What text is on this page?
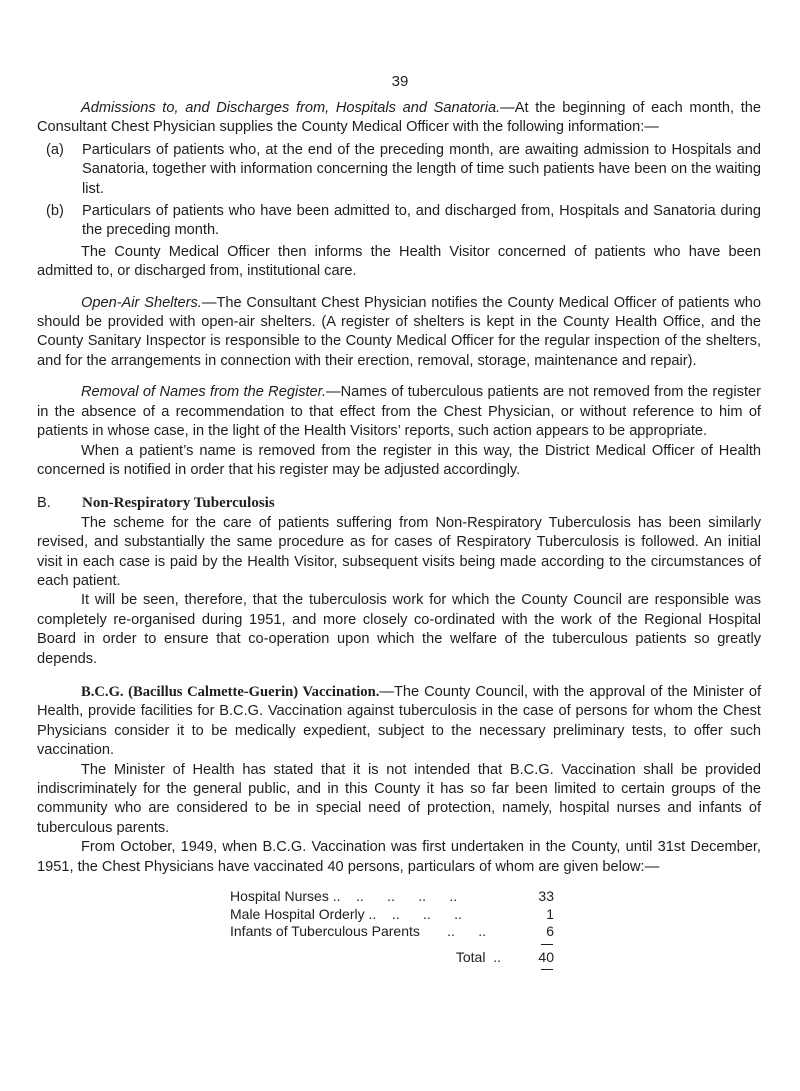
39

Admissions to, and Discharges from, Hospitals and Sanatoria.—At the beginning of each month, the Consultant Chest Physician supplies the County Medical Officer with the following information:—

(a) Particulars of patients who, at the end of the preceding month, are awaiting admission to Hospitals and Sanatoria, together with information concerning the length of time such patients have been on the waiting list.
(b) Particulars of patients who have been admitted to, and discharged from, Hospitals and Sanatoria during the preceding month.

The County Medical Officer then informs the Health Visitor concerned of patients who have been admitted to, or discharged from, institutional care.

Open-Air Shelters.—The Consultant Chest Physician notifies the County Medical Officer of patients who should be provided with open-air shelters. (A register of shelters is kept in the County Health Office, and the County Sanitary Inspector is responsible to the County Medical Officer for the regular inspection of the shelters, and for the arrangements in connection with their erection, removal, storage, maintenance and repair).

Removal of Names from the Register.—Names of tuberculous patients are not removed from the register in the absence of a recommendation to that effect from the Chest Physician, or without reference to him of patients in whose case, in the light of the Health Visitors’ reports, such action appears to be appropriate.

When a patient’s name is removed from the register in this way, the District Medical Officer of Health concerned is notified in order that his register may be adjusted accordingly.

B.	Non-Respiratory Tuberculosis

The scheme for the care of patients suffering from Non-Respiratory Tuberculosis has been similarly revised, and substantially the same procedure as for cases of Respiratory Tuberculosis is followed. An initial visit in each case is paid by the Health Visitor, subsequent visits being made according to the circumstances of each patient.

It will be seen, therefore, that the tuberculosis work for which the County Council are responsible was completely re-organised during 1951, and more closely co-ordinated with the work of the Regional Hospital Board in order to ensure that co-operation upon which the welfare of the tuberculous patients so greatly depends.

B.C.G. (Bacillus Calmette-Guerin) Vaccination.—The County Council, with the approval of the Minister of Health, provide facilities for B.C.G. Vaccination against tuberculosis in the case of persons for whom the Chest Physicians consider it to be medically expedient, subject to the necessary preliminary tests, to offer such vaccination.

The Minister of Health has stated that it is not intended that B.C.G. Vaccination shall be provided indiscriminately for the general public, and in this County it has so far been limited to certain groups of the community who are considered to be in special need of protection, namely, hospital nurses and infants of tuberculous parents.

From October, 1949, when B.C.G. Vaccination was first undertaken in the County, until 31st December, 1951, the Chest Physicians have vaccinated 40 persons, particulars of whom are given below:—

Hospital Nurses .. ..      ..      ..      ..	33
Male Hospital Orderly .. ..      ..      ..	1
Infants of Tuberculous Parents ..      ..	6
Total  ..	40
